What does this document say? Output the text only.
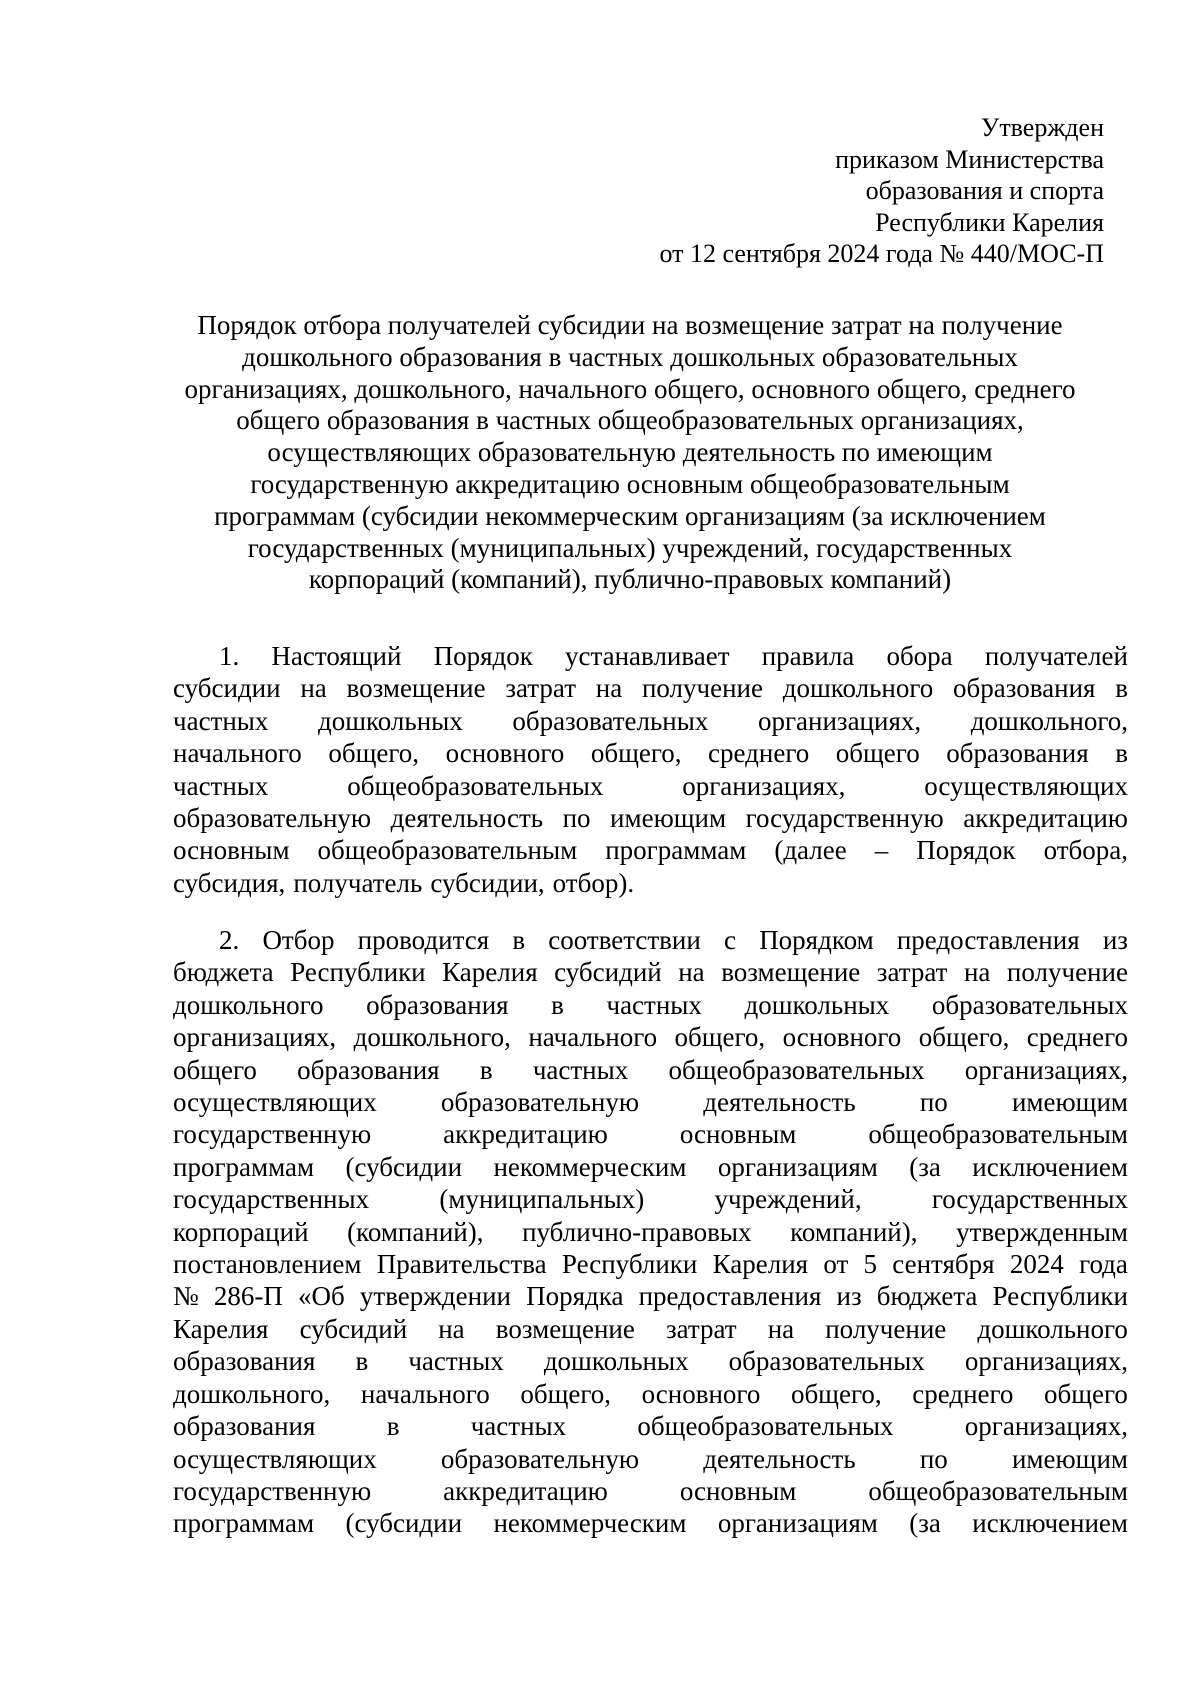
Утвержден
приказом Министерства
образования и спорта
Республики Карелия
от 12 сентября 2024 года № 440/МОС-П
Порядок отбора получателей субсидии на возмещение затрат на получение
дошкольного образования в частных дошкольных образовательных
организациях, дошкольного, начального общего, основного общего, среднего
общего образования в частных общеобразовательных организациях,
осуществляющих образовательную деятельность по имеющим
государственную аккредитацию основным общеобразовательным
программам (субсидии некоммерческим организациям (за исключением
государственных (муниципальных) учреждений, государственных
корпораций (компаний), публично-правовых компаний)
1. Настоящий Порядок устанавливает правила обора получателей
субсидии на возмещение затрат на получение дошкольного образования в
частных дошкольных образовательных организациях, дошкольного,
начального общего, основного общего, среднего общего образования в
частных	общеобразовательных	организациях,	осуществляющих
образовательную деятельность по имеющим государственную аккредитацию
основным общеобразовательным программам (далее – Порядок отбора,
субсидия, получатель субсидии, отбор).
2. Отбор проводится в соответствии с Порядком предоставления из
бюджета Республики Карелия субсидий на возмещение затрат на получение
дошкольного образования в частных дошкольных образовательных
организациях, дошкольного, начального общего, основного общего, среднего
общего образования в частных общеобразовательных организациях,
осуществляющих образовательную деятельность по имеющим
государственную	аккредитацию	основным	общеобразовательным
программам (субсидии некоммерческим организациям (за исключением
государственных	(муниципальных)	учреждений,	государственных
корпораций (компаний), публично-правовых компаний), утвержденным
постановлением Правительства Республики Карелия от 5 сентября 2024 года
№ 286-П «Об утверждении Порядка предоставления из бюджета Республики
Карелия субсидий на возмещение затрат на получение дошкольного
образования в частных дошкольных образовательных организациях,
дошкольного, начального общего, основного общего, среднего общего
образования	в	частных	общеобразовательных	организациях,
осуществляющих образовательную деятельность по имеющим
государственную	аккредитацию	основным	общеобразовательным
программам (субсидии некоммерческим организациям (за исключением
